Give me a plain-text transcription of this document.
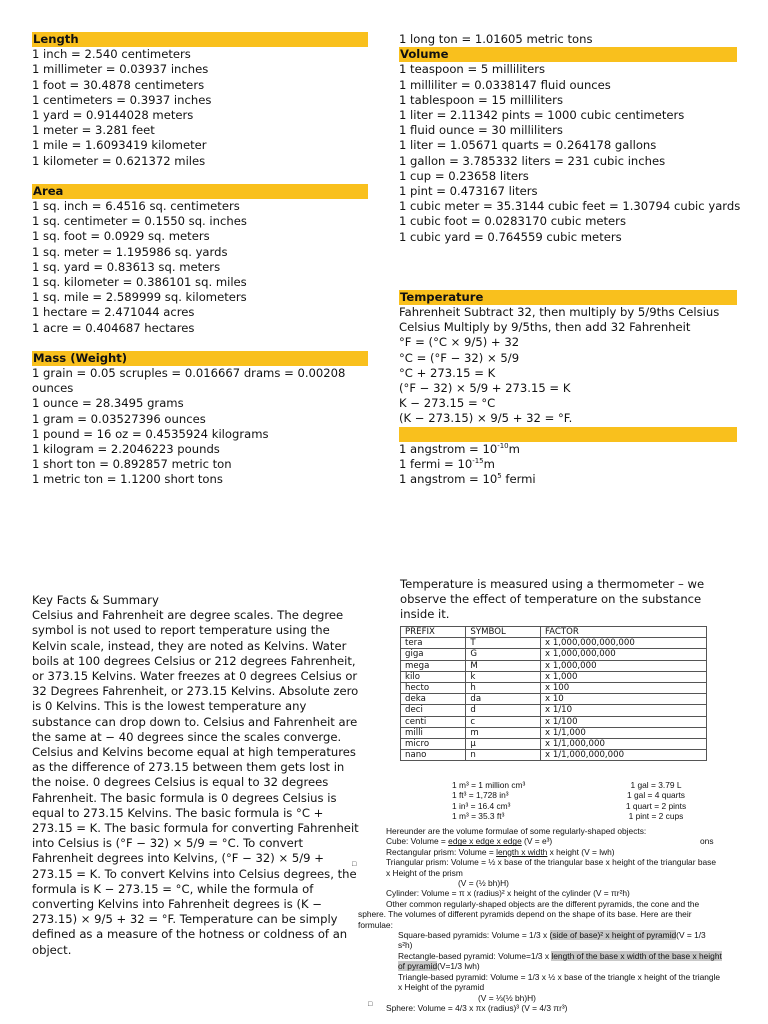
Length
1 inch = 2.540 centimeters
1 millimeter = 0.03937 inches
1 foot = 30.4878 centimeters
1 centimeters = 0.3937 inches
1 yard = 0.9144028 meters
1 meter = 3.281 feet
1 mile = 1.6093419 kilometer
1 kilometer = 0.621372 miles
Area
1 sq. inch = 6.4516 sq. centimeters
1 sq. centimeter = 0.1550 sq. inches
1 sq. foot = 0.0929 sq. meters
1 sq. meter = 1.195986 sq. yards
1 sq. yard = 0.83613 sq. meters
1 sq. kilometer = 0.386101 sq. miles
1 sq. mile = 2.589999 sq. kilometers
1 hectare = 2.471044 acres
1 acre = 0.404687 hectares
Mass (Weight)
1 grain = 0.05 scruples = 0.016667 drams = 0.00208 ounces
1 ounce = 28.3495 grams
1 gram = 0.03527396 ounces
1 pound = 16 oz = 0.4535924 kilograms
1 kilogram = 2.2046223 pounds
1 short ton = 0.892857 metric ton
1 metric ton = 1.1200 short tons
1 long ton = 1.01605 metric tons
Volume
1 teaspoon = 5 milliliters
1 milliliter = 0.0338147 fluid ounces
1 tablespoon = 15 milliliters
1 liter = 2.11342 pints = 1000 cubic centimeters
1 fluid ounce = 30 milliliters
1 liter = 1.05671 quarts = 0.264178 gallons
1 gallon = 3.785332 liters = 231 cubic inches
1 cup = 0.23658 liters
1 pint = 0.473167 liters
1 cubic meter = 35.3144 cubic feet = 1.30794 cubic yards
1 cubic foot = 0.0283170 cubic meters
1 cubic yard = 0.764559 cubic meters
Temperature
Fahrenheit Subtract 32, then multiply by 5/9ths Celsius
Celsius Multiply by 9/5ths, then add 32 Fahrenheit
°F = (°C × 9/5) + 32
°C = (°F − 32) × 5/9
°C + 273.15 = K
(°F − 32) × 5/9 + 273.15 = K
K − 273.15 = °C
(K − 273.15) × 9/5 + 32 = °F.

1 angstrom = $10^{-10}m$
1 fermi = $10^{-15}m$
1 angstrom = $10^5$ fermi
Key Facts & Summary
Celsius and Fahrenheit are degree scales. The degree symbol is not used to report temperature using the Kelvin scale, instead, they are noted as Kelvins. Water boils at 100 degrees Celsius or 212 degrees Fahrenheit, or 373.15 Kelvins. Water freezes at 0 degrees Celsius or 32 Degrees Fahrenheit, or 273.15 Kelvins. Absolute zero is 0 Kelvins. This is the lowest temperature any substance can drop down to. Celsius and Fahrenheit are the same at − 40 degrees since the scales converge. Celsius and Kelvins become equal at high temperatures as the difference of 273.15 between them gets lost in the noise. 0 degrees Celsius is equal to 32 degrees Fahrenheit. The basic formula is 0 degrees Celsius is equal to 273.15 Kelvins. The basic formula is °C + 273.15 = K. The basic formula for converting Fahrenheit into Celsius is (°F − 32) × 5/9 = °C. To convert Fahrenheit degrees into Kelvins, (°F − 32) × 5/9 + 273.15 = K. To convert Kelvins into Celsius degrees, the formula is K − 273.15 = °C, while the formula of converting Kelvins into Fahrenheit degrees is (K − 273.15) × 9/5 + 32 = °F. Temperature can be simply defined as a measure of the hotness or coldness of an object.
Temperature is measured using a thermometer – we observe the effect of temperature on the substance inside it.
PREFIX	SYMBOL	FACTOR
tera	T	x 1,000,000,000,000
giga	G	x 1,000,000,000
mega	M	x 1,000,000
kilo	k	x 1,000
hecto	h	x 100
deka	da	x 10
deci	d	x 1/10
centi	c	x 1/100
milli	m	x 1/1,000
micro	μ	x 1/1,000,000
nano	n	x 1/1,000,000,000
1 m³ = 1 million cm³
1 ft³ = 1,728 in³
1 in³ = 16.4 cm³
1 m³ = 35.3 ft³
1 gal = 3.79 L
1 gal = 4 quarts
1 quart = 2 pints
1 pint = 2 cups
ons
□
□
Hereunder are the volume formulae of some regularly-shaped objects:
Cube: Volume = edge x edge x edge (V = e³)
Rectangular prism: Volume = length x width x height (V = lwh)
Triangular prism: Volume = ½ x base of the triangular base x height of the triangular base x Height of the prism
(V = (½ bh)H)
Cylinder: Volume = π x (radius)² x height of the cylinder (V = πr²h)
Other common regularly-shaped objects are the different pyramids, the cone and the sphere. The volumes of different pyramids depend on the shape of its base. Here are their formulae:
Square-based pyramids: Volume = 1/3 x (side of base)² x height of pyramid(V = 1/3 s²h)
Rectangle-based pyramid: Volume=1/3 x length of the base x width of the base x height of pyramid(V=1/3 lwh)
Triangle-based pyramid: Volume = 1/3 x ½ x base of the triangle x height of the triangle x Height of the pyramid
(V = ⅓(½ bh)H)
Sphere: Volume = 4/3 x πx (radius)³ (V = 4/3 πr³)
